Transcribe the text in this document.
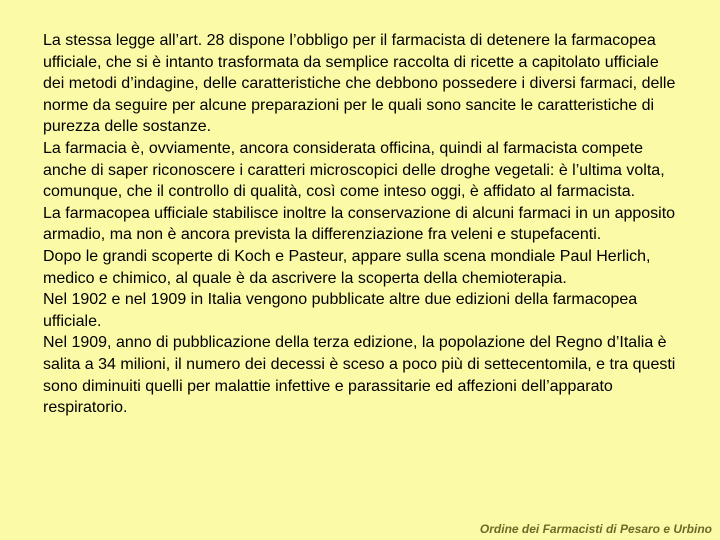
La stessa legge all’art. 28 dispone l’obbligo per il farmacista di detenere la farmacopea ufficiale, che si è intanto trasformata da semplice raccolta di ricette a capitolato ufficiale dei metodi d’indagine, delle caratteristiche che debbono possedere i diversi farmaci, delle norme da seguire per alcune preparazioni per le quali sono sancite le caratteristiche di purezza delle sostanze.

La farmacia è, ovviamente, ancora considerata officina, quindi al farmacista compete anche di saper riconoscere i caratteri microscopici delle droghe vegetali: è l’ultima volta, comunque, che il controllo di qualità, così come inteso oggi, è affidato al farmacista.

La farmacopea ufficiale stabilisce inoltre la conservazione di alcuni farmaci in un apposito armadio, ma non è ancora prevista la differenziazione fra veleni e stupefacenti.

Dopo le grandi scoperte di Koch e Pasteur, appare sulla scena mondiale Paul Herlich, medico e chimico, al quale è da ascrivere la scoperta della chemioterapia.

Nel 1902 e nel 1909 in Italia vengono pubblicate altre due edizioni della farmacopea ufficiale.

Nel 1909, anno di pubblicazione della terza edizione, la popolazione del Regno d’Italia è salita a 34 milioni, il numero dei decessi è sceso a poco più di settecentomila, e tra questi sono diminuiti quelli per malattie infettive e parassitarie ed affezioni dell’apparato respiratorio.

Ordine dei Farmacisti di Pesaro e Urbino
